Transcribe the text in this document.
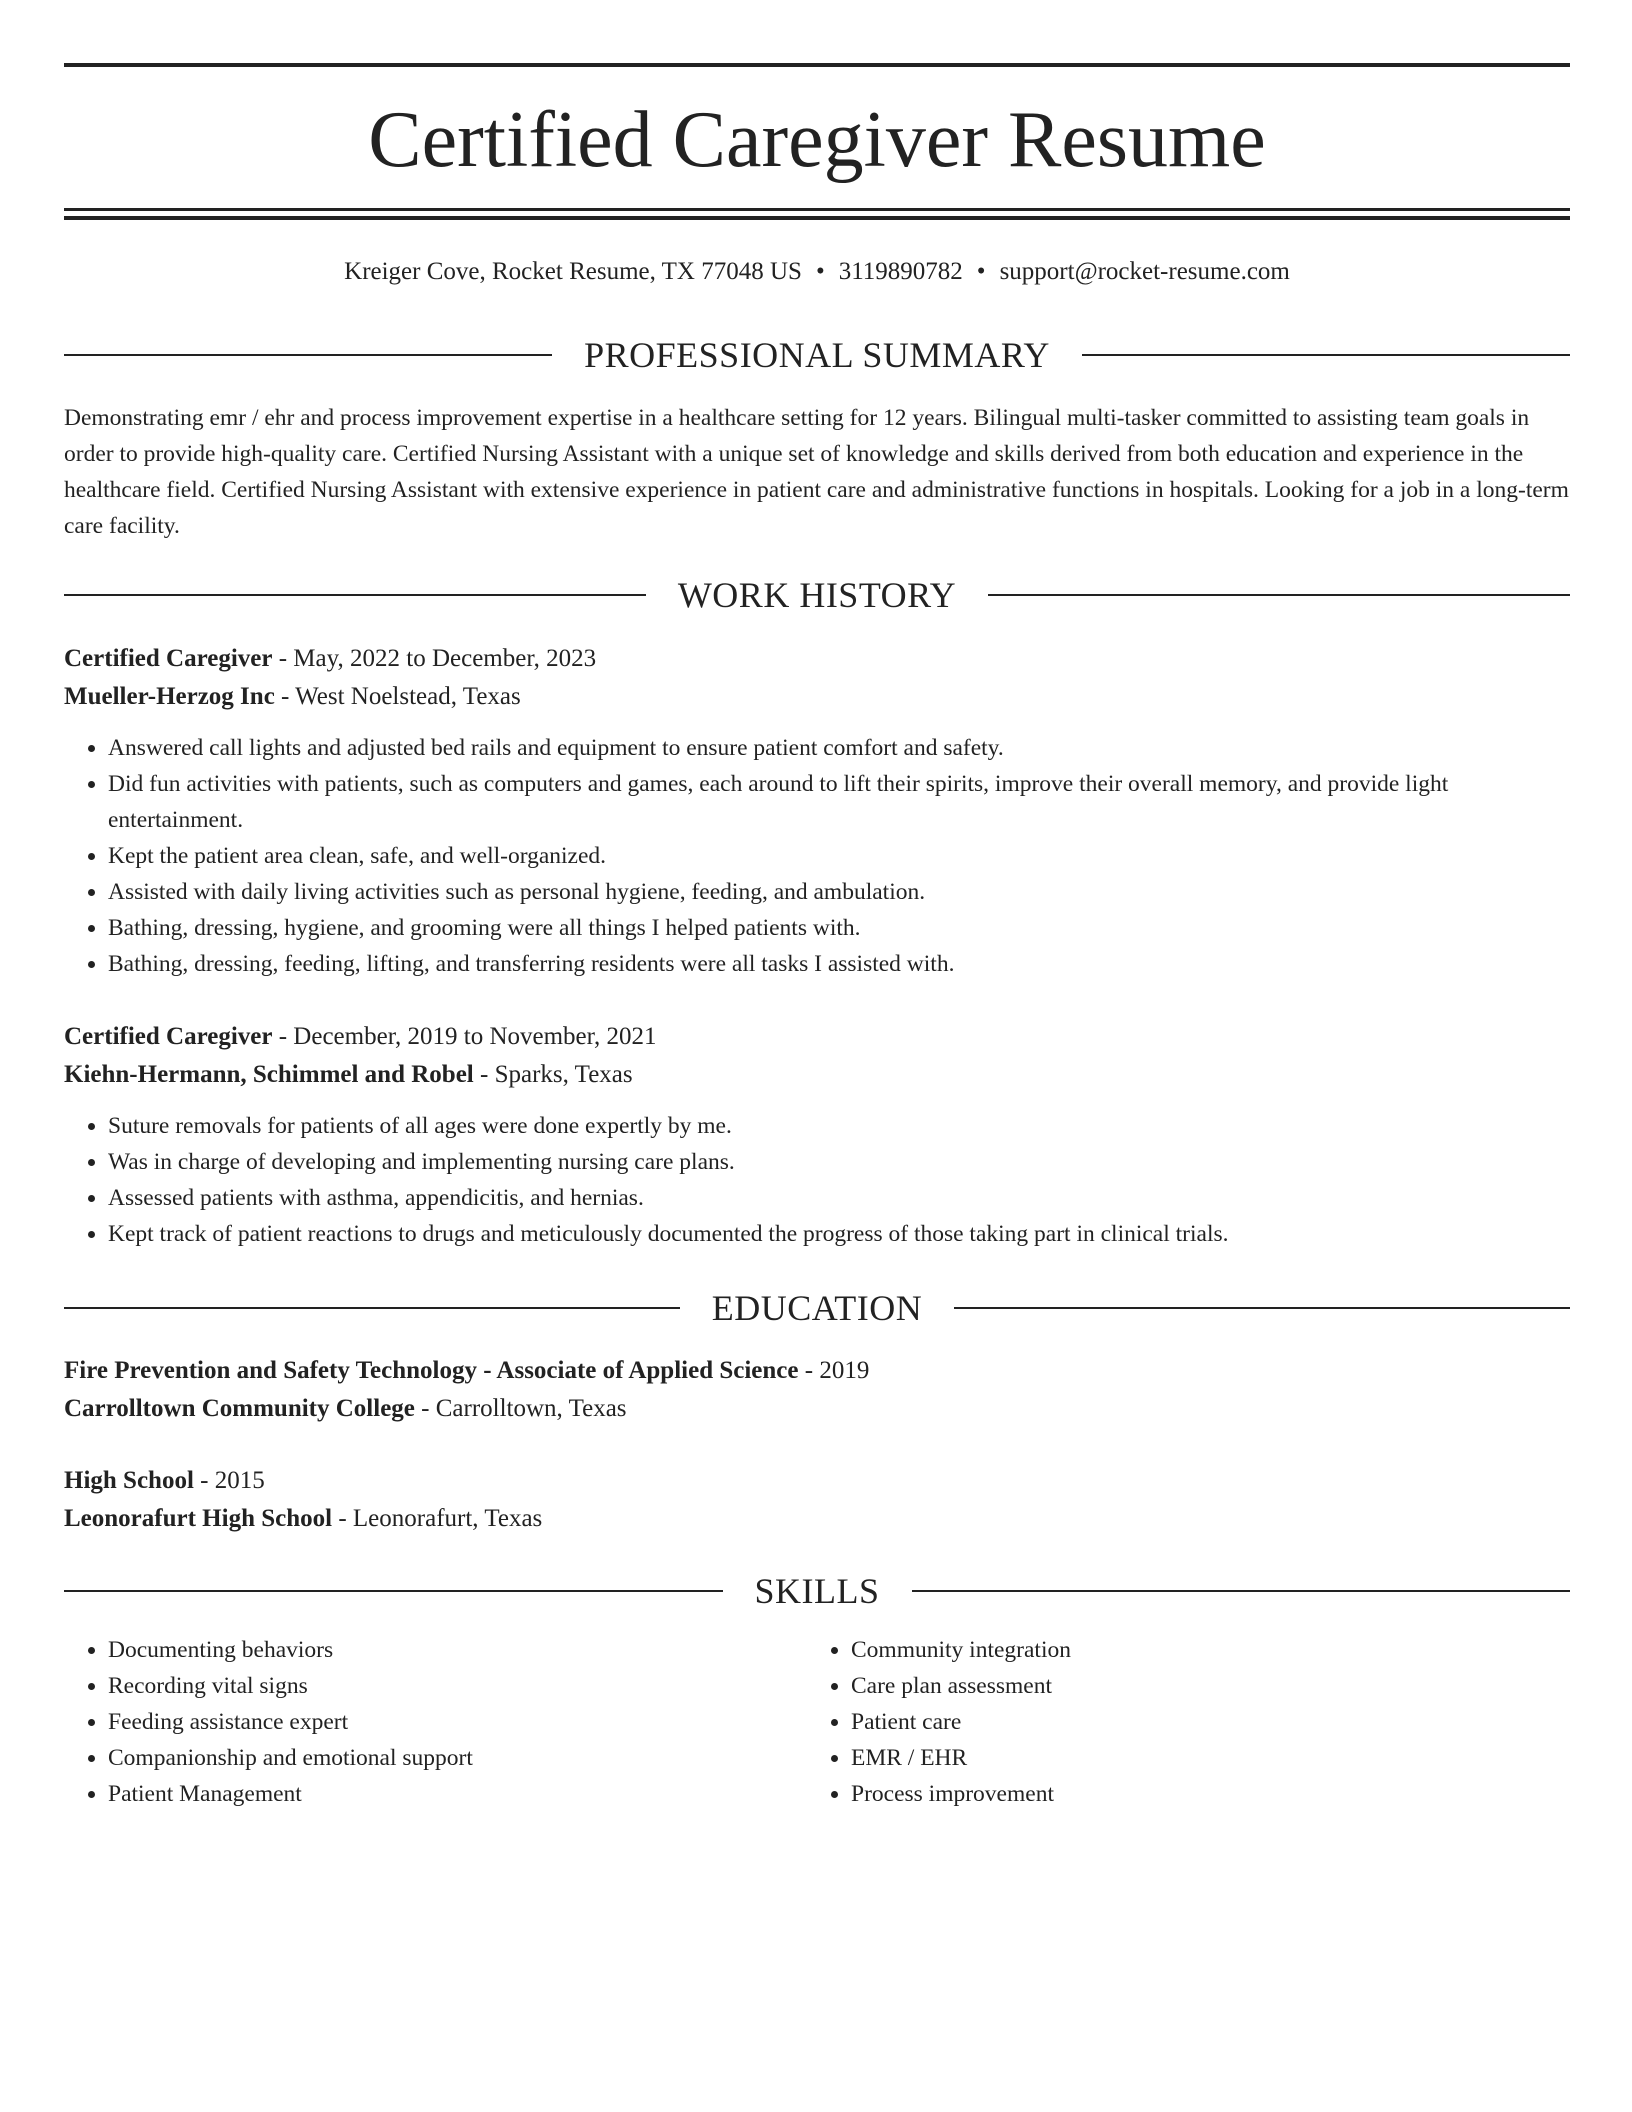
Certified Caregiver Resume
Kreiger Cove, Rocket Resume, TX 77048 US • 3119890782 • support@rocket-resume.com
PROFESSIONAL SUMMARY

Demonstrating emr / ehr and process improvement expertise in a healthcare setting for 12 years. Bilingual multi-tasker committed to assisting team goals in order to provide high-quality care. Certified Nursing Assistant with a unique set of knowledge and skills derived from both education and experience in the healthcare field. Certified Nursing Assistant with extensive experience in patient care and administrative functions in hospitals. Looking for a job in a long-term care facility.

WORK HISTORY

Certified Caregiver - May, 2022 to December, 2023

Mueller-Herzog Inc - West Noelstead, Texas

• Answered call lights and adjusted bed rails and equipment to ensure patient comfort and safety.
• Did fun activities with patients, such as computers and games, each around to lift their spirits, improve their overall memory, and provide light entertainment.
• Kept the patient area clean, safe, and well-organized.
• Assisted with daily living activities such as personal hygiene, feeding, and ambulation.
• Bathing, dressing, hygiene, and grooming were all things I helped patients with.
• Bathing, dressing, feeding, lifting, and transferring residents were all tasks I assisted with.

Certified Caregiver - December, 2019 to November, 2021

Kiehn-Hermann, Schimmel and Robel - Sparks, Texas

• Suture removals for patients of all ages were done expertly by me.
• Was in charge of developing and implementing nursing care plans.
• Assessed patients with asthma, appendicitis, and hernias.
• Kept track of patient reactions to drugs and meticulously documented the progress of those taking part in clinical trials.
EDUCATION

Fire Prevention and Safety Technology - Associate of Applied Science - 2019

Carrolltown Community College - Carrolltown, Texas

High School - 2015

Leonorafurt High School - Leonorafurt, Texas

SKILLS
• Documenting behaviors
• Recording vital signs
• Feeding assistance expert
• Companionship and emotional support
• Patient Management
• Community integration
• Care plan assessment
• Patient care
• EMR / EHR
• Process improvement
